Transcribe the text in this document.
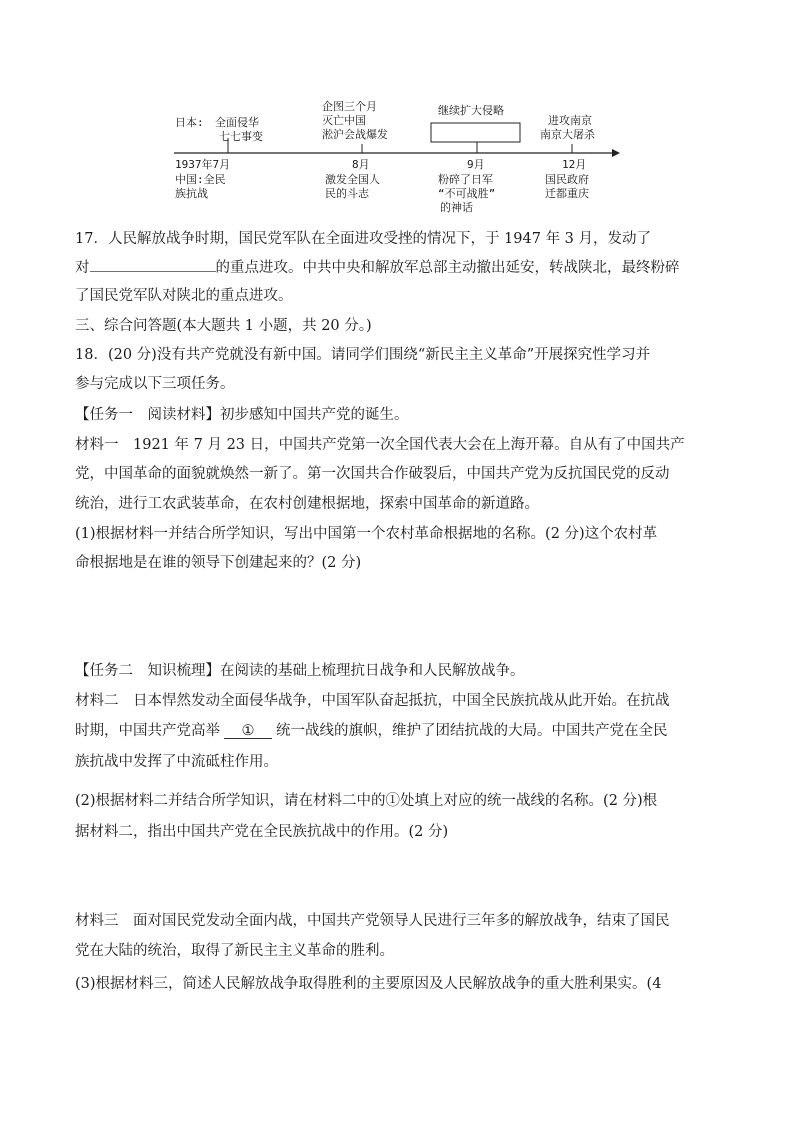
日本: 全面侵华
七七事变
企图三个月
灭亡中国
淞沪会战爆发
继续扩大侵略
进攻南京
南京大屠杀
1937年7月	8月	9月	12月
中国:全民
族抗战
激发全国人
民的斗志
粉碎了日军
“不可战胜”
的神话
国民政府
迁都重庆
17．人民解放战争时期，国民党军队在全面进攻受挫的情况下，于 1947 年 3 月，发动了
对	的重点进攻。中共中央和解放军总部主动撤出延安，转战陕北，最终粉碎
了国民党军队对陕北的重点进攻。
三、综合问答题(本大题共 1 小题，共 20 分。)
18．(20 分)没有共产党就没有新中国。请同学们围绕“新民主主义革命”开展探究性学习并
参与完成以下三项任务。
【任务一　阅读材料】初步感知中国共产党的诞生。
材料一　1921 年 7 月 23 日，中国共产党第一次全国代表大会在上海开幕。自从有了中国共产
党，中国革命的面貌就焕然一新了。第一次国共合作破裂后，中国共产党为反抗国民党的反动
统治，进行工农武装革命，在农村创建根据地，探索中国革命的新道路。
(1)根据材料一并结合所学知识，写出中国第一个农村革命根据地的名称。(2 分)这个农村革
命根据地是在谁的领导下创建起来的？(2 分)
【任务二　知识梳理】在阅读的基础上梳理抗日战争和人民解放战争。
材料二　日本悍然发动全面侵华战争，中国军队奋起抵抗，中国全民族抗战从此开始。在抗战
时期，中国共产党高举 ① 统一战线的旗帜，维护了团结抗战的大局。中国共产党在全民
族抗战中发挥了中流砥柱作用。
(2)根据材料二并结合所学知识，请在材料二中的①处填上对应的统一战线的名称。(2 分)根
据材料二，指出中国共产党在全民族抗战中的作用。(2 分)
材料三　面对国民党发动全面内战，中国共产党领导人民进行三年多的解放战争，结束了国民
党在大陆的统治，取得了新民主主义革命的胜利。
(3)根据材料三，简述人民解放战争取得胜利的主要原因及人民解放战争的重大胜利果实。(4
